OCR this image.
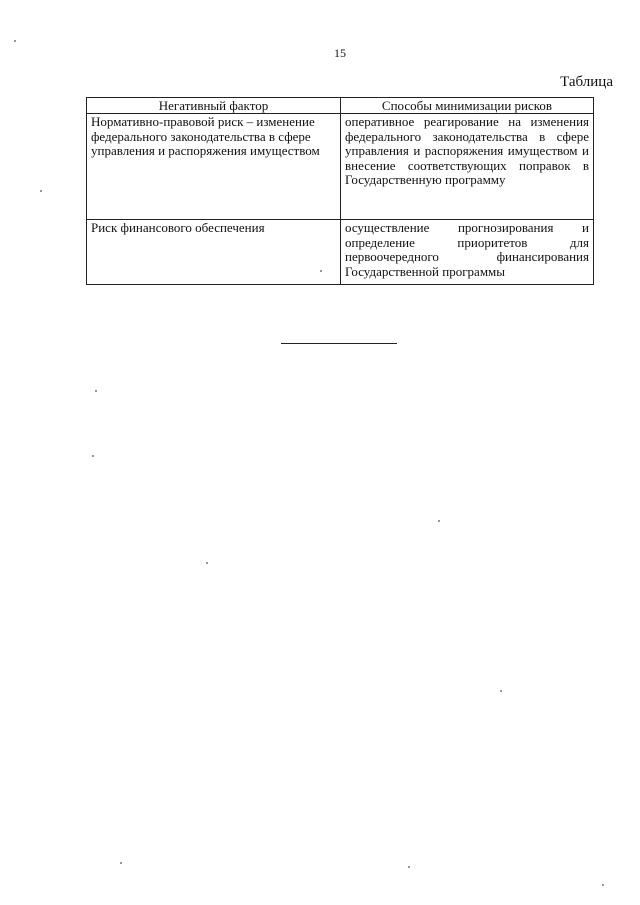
15
Таблица
Негативный фактор	Способы минимизации рисков
Нормативно-правовой риск – изменение федерального законодательства в сфере управления и распоряжения имуществом	оперативное реагирование на изменения федерального законодательства в сфере управления и распоряжения имуществом и внесение соответствующих поправок в Государственную программу
Риск финансового обеспечения	осуществление прогнозирования и определение приоритетов для первоочередного финансирования Государственной программы
